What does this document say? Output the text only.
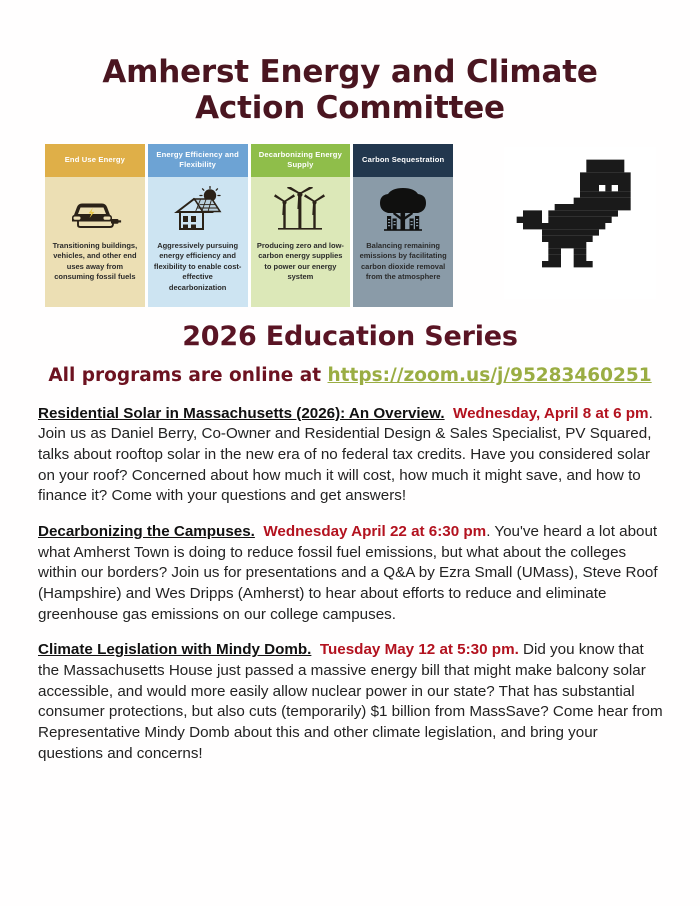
Amherst Energy and Climate Action Committee
End Use Energy
Transitioning buildings, vehicles, and other end uses away from consuming fossil fuels
Energy Efficiency and Flexibility
Aggressively pursuing energy efficiency and flexibility to enable cost-effective decarbonization
Decarbonizing Energy Supply
Producing zero and low-carbon energy supplies to power our energy system
Carbon Sequestration
Balancing remaining emissions by facilitating carbon dioxide removal from the atmosphere
2026 Education Series
All programs are online at https://zoom.us/j/95283460251

Residential Solar in Massachusetts (2026): An Overview. Wednesday, April 8 at 6 pm. Join us as Daniel Berry, Co-Owner and Residential Design & Sales Specialist, PV Squared, talks about rooftop solar in the new era of no federal tax credits. Have you considered solar on your roof? Concerned about how much it will cost, how much it might save, and how to finance it? Come with your questions and get answers!

Decarbonizing the Campuses. Wednesday April 22 at 6:30 pm. You've heard a lot about what Amherst Town is doing to reduce fossil fuel emissions, but what about the colleges within our borders? Join us for presentations and a Q&A by Ezra Small (UMass), Steve Roof (Hampshire) and Wes Dripps (Amherst) to hear about efforts to reduce and eliminate greenhouse gas emissions on our college campuses.

Climate Legislation with Mindy Domb. Tuesday May 12 at 5:30 pm. Did you know that the Massachusetts House just passed a massive energy bill that might make balcony solar accessible, and would more easily allow nuclear power in our state? That has substantial consumer protections, but also cuts (temporarily) $1 billion from MassSave? Come hear from Representative Mindy Domb about this and other climate legislation, and bring your questions and concerns!
